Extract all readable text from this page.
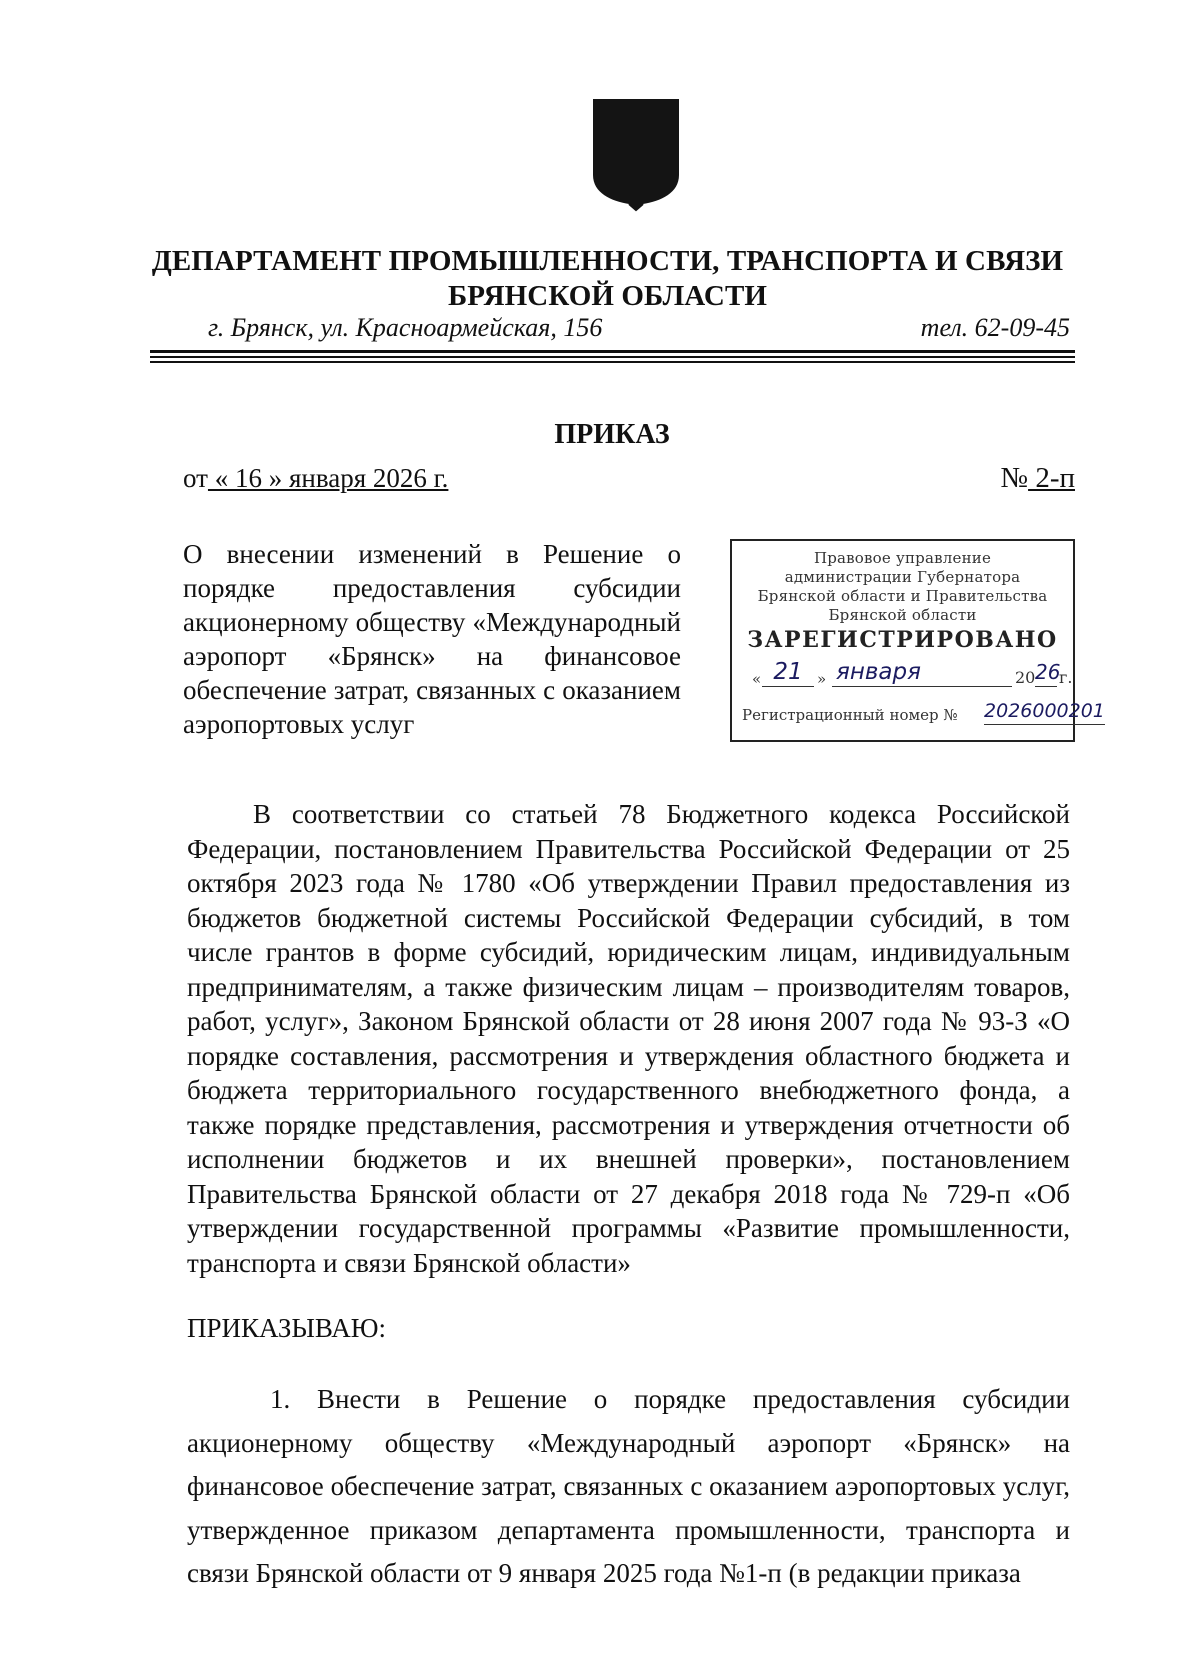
ДЕПАРТАМЕНТ ПРОМЫШЛЕННОСТИ, ТРАНСПОРТА И СВЯЗИ
БРЯНСКОЙ ОБЛАСТИ
г. Брянск, ул. Красноармейская, 156	тел. 62-09-45
ПРИКАЗ
от « 16 » января 2026 г.	№ 2-п
О внесении изменений в Решение о порядке предоставления субсидии акционерному обществу «Международный аэропорт «Брянск» на финансовое обеспечение затрат, связанных с оказанием аэропортовых услуг
Правовое управление
администрации Губернатора
Брянской области и Правительства
Брянской области
ЗАРЕГИСТРИРОВАНО
« 21 » января	20 26
г.
Регистрационный номер № 2026000201
В соответствии со статьей 78 Бюджетного кодекса Российской Федерации, постановлением Правительства Российской Федерации от 25 октября 2023 года № 1780 «Об утверждении Правил предоставления из бюджетов бюджетной системы Российской Федерации субсидий, в том числе грантов в форме субсидий, юридическим лицам, индивидуальным предпринимателям, а также физическим лицам – производителям товаров, работ, услуг», Законом Брянской области от 28 июня 2007 года № 93-З «О порядке составления, рассмотрения и утверждения областного бюджета и бюджета территориального государственного внебюджетного фонда, а также порядке представления, рассмотрения и утверждения отчетности об исполнении бюджетов и их внешней проверки», постановлением Правительства Брянской области от 27 декабря 2018 года № 729-п «Об утверждении государственной программы «Развитие промышленности, транспорта и связи Брянской области»
ПРИКАЗЫВАЮ:
1. Внести в Решение о порядке предоставления субсидии акционерному обществу «Международный аэропорт «Брянск» на финансовое обеспечение затрат, связанных с оказанием аэропортовых услуг, утвержденное приказом департамента промышленности, транспорта и связи Брянской области от 9 января 2025 года №1-п (в редакции приказа
